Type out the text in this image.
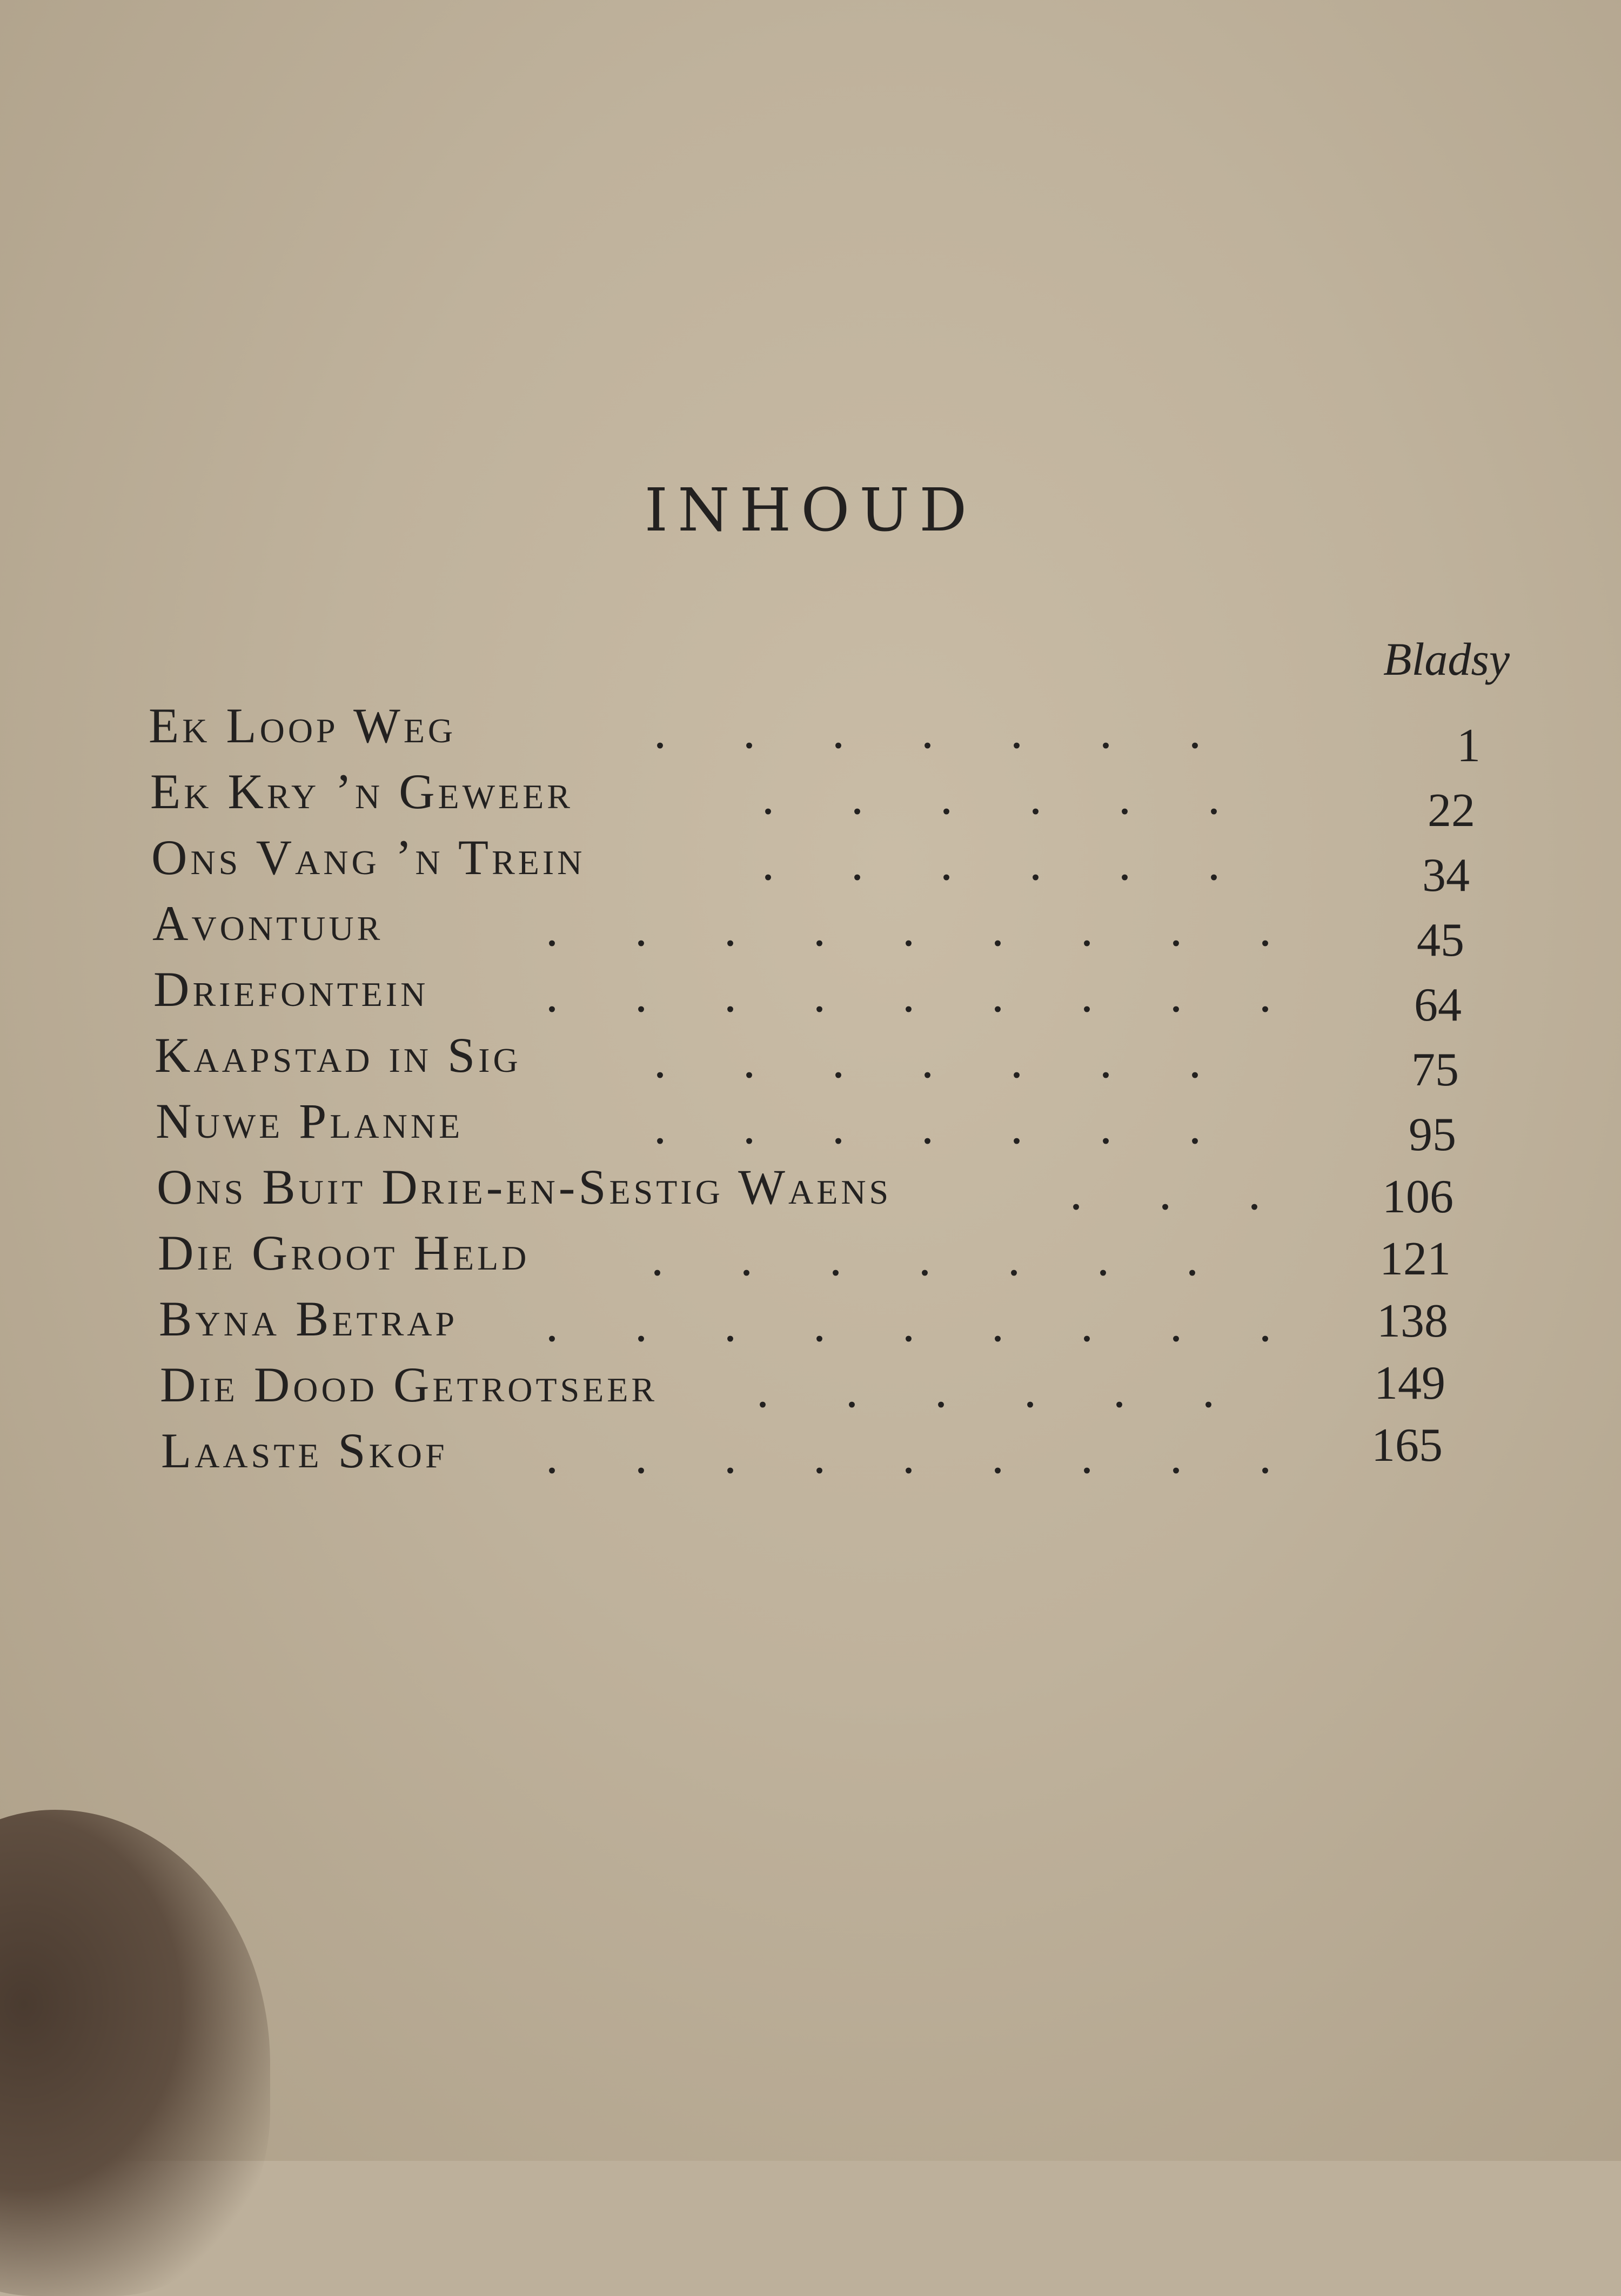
INHOUD
Bladsy
Ek Loop Weg	.......	1
Ek Kry ’n Geweer	......	22
Ons Vang ’n Trein	......	34
Avontuur	.........	45
Driefontein .........	64
Kaapstad in Sig	.......	75
Nuwe Planne	.......	95
Ons Buit Drie-en-Sestig Waens	... 106
Die Groot Held .......	121
Byna Betrap ......... 138
Die Dood Getrotseer ......	149
Laaste Skof ......... 165
